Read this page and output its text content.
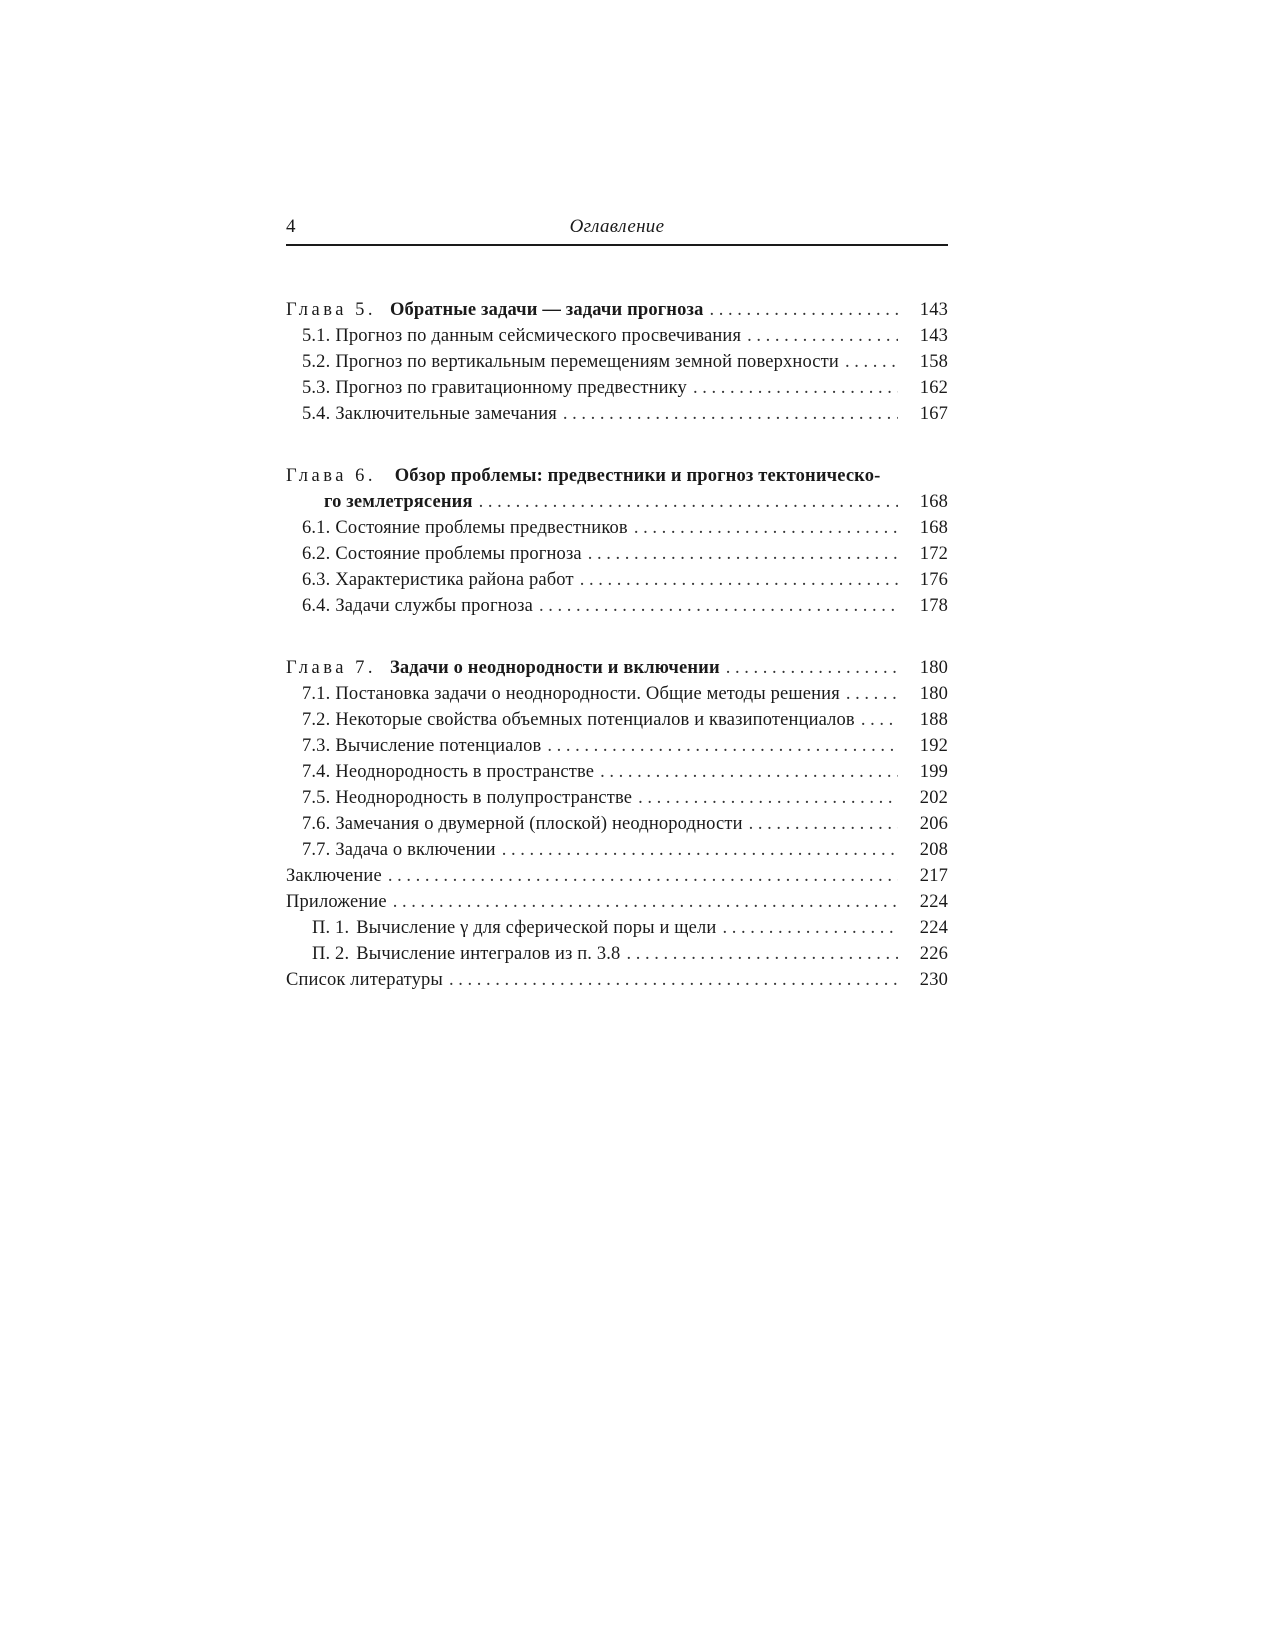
4	Оглавление
Глава 5. Обратные задачи — задачи прогноза . . .	143
5.1. Прогноз по данным сейсмического просвечивания . . .	143
5.2. Прогноз по вертикальным перемещениям земной поверхности . . .	158
5.3. Прогноз по гравитационному предвестнику . . .	162
5.4. Заключительные замечания . . .	167
Глава 6. Обзор проблемы: предвестники и прогноз тектоническо-
го землетрясения . . .	168
6.1. Состояние проблемы предвестников . . .	168
6.2. Состояние проблемы прогноза . . .	172
6.3. Характеристика района работ . . .	176
6.4. Задачи службы прогноза . . .	178
Глава 7. Задачи о неоднородности и включении . . .	180
7.1. Постановка задачи о неоднородности. Общие методы решения . . .	180
7.2. Некоторые свойства объемных потенциалов и квазипотенциалов . . .	188
7.3. Вычисление потенциалов . . .	192
7.4. Неоднородность в пространстве . . .	199
7.5. Неоднородность в полупространстве . . .	202
7.6. Замечания о двумерной (плоской) неоднородности . . .	206
7.7. Задача о включении . . .	208
Заключение . . .	217
Приложение . . .	224
П. 1. Вычисление γ для сферической поры и щели . . .	224
П. 2. Вычисление интегралов из п. 3.8 . . .	226
Список литературы . . .	230
